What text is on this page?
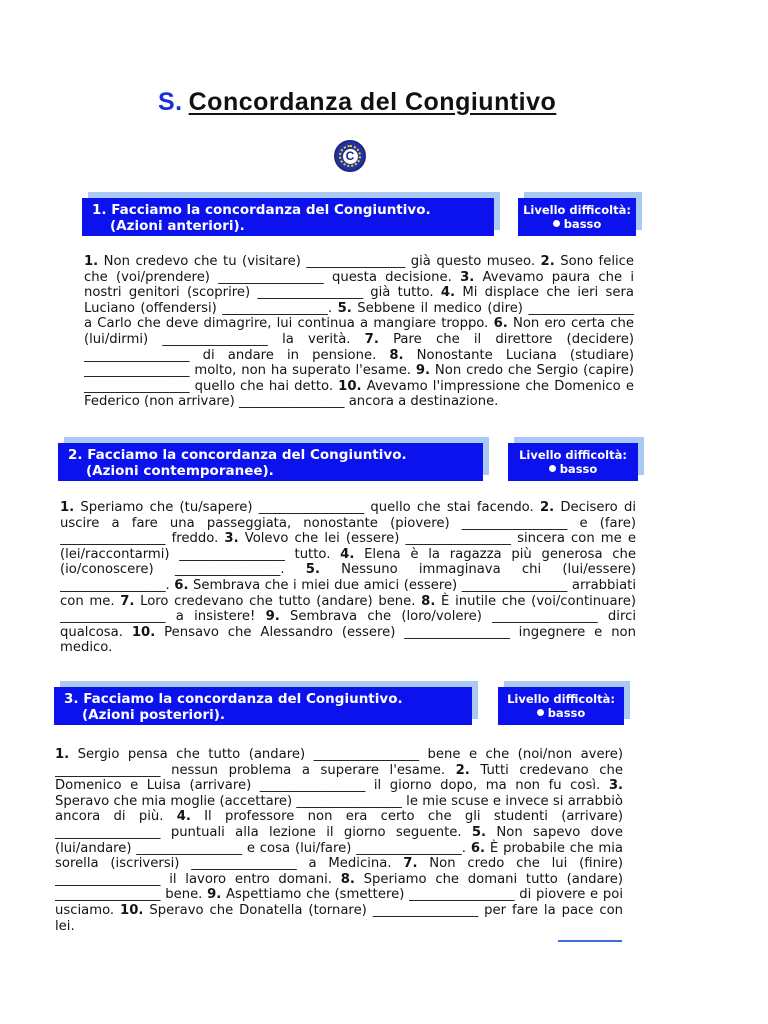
S. Concordanza del Congiuntivo
C
1. Facciamo la concordanza del Congiuntivo.
(Azioni anteriori).
Livello difficoltà:
basso
1. Non credevo che tu (visitare) _______________ già questo museo. 2. Sono felice che (voi/prendere) ________________ questa decisione. 3. Avevamo paura che i nostri genitori (scoprire) ________________ già tutto. 4. Mi displace che ieri sera Luciano (offendersi) ________________. 5. Sebbene il medico (dire) ________________ a Carlo che deve dimagrire, lui continua a mangiare troppo. 6. Non ero certa che (lui/dirmi) ________________ la verità. 7. Pare che il direttore (decidere) ________________ di andare in pensione. 8. Nonostante Luciana (studiare) ________________ molto, non ha superato l'esame. 9. Non credo che Sergio (capire) ________________ quello che hai detto. 10. Avevamo l'impressione che Domenico e Federico (non arrivare) ________________ ancora a destinazione.
2. Facciamo la concordanza del Congiuntivo.
(Azioni contemporanee).
Livello difficoltà:
basso
1. Speriamo che (tu/sapere) ________________ quello che stai facendo. 2. Decisero di uscire a fare una passeggiata, nonostante (piovere) ________________ e (fare) ________________ freddo. 3. Volevo che lei (essere) ________________ sincera con me e (lei/raccontarmi) ________________ tutto. 4. Elena è la ragazza più generosa che (io/conoscere) ________________. 5. Nessuno immaginava chi (lui/essere) ________________. 6. Sembrava che i miei due amici (essere) ________________ arrabbiati con me. 7. Loro credevano che tutto (andare) bene. 8. È inutile che (voi/continuare) ________________ a insistere! 9. Sembrava che (loro/volere) ________________ dirci qualcosa. 10. Pensavo che Alessandro (essere) ________________ ingegnere e non medico.
3. Facciamo la concordanza del Congiuntivo.
(Azioni posteriori).
Livello difficoltà:
basso
1. Sergio pensa che tutto (andare) ________________ bene e che (noi/non avere) ________________ nessun problema a superare l'esame. 2. Tutti credevano che Domenico e Luisa (arrivare) ________________ il giorno dopo, ma non fu così. 3. Speravo che mia moglie (accettare) ________________ le mie scuse e invece si arrabbiò ancora di più. 4. Il professore non era certo che gli studenti (arrivare) ________________ puntuali alla lezione il giorno seguente. 5. Non sapevo dove (lui/andare) ________________ e cosa (lui/fare) ________________. 6. È probabile che mia sorella (iscriversi) ________________ a Medicina. 7. Non credo che lui (finire) ________________ il lavoro entro domani. 8. Speriamo che domani tutto (andare) ________________ bene. 9. Aspettiamo che (smettere) ________________ di piovere e poi usciamo. 10. Speravo che Donatella (tornare) ________________ per fare la pace con lei.
